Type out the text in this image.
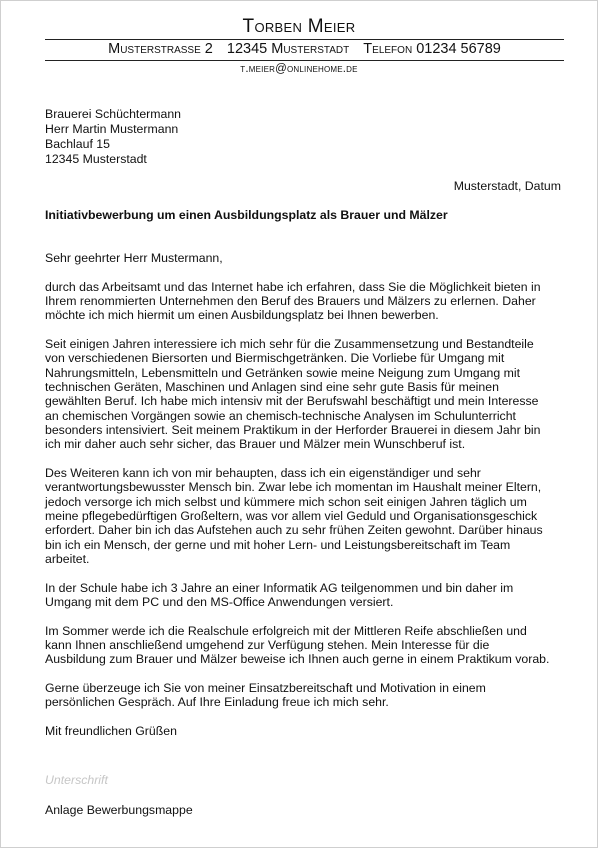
Torben Meier
Musterstrasse 2 12345 Musterstadt Telefon 01234 56789
t.meier@onlinehome.de
Brauerei Schüchtermann
Herr Martin Mustermann
Bachlauf 15
12345 Musterstadt
Musterstadt, Datum
Initiativbewerbung um einen Ausbildungsplatz als Brauer und Mälzer

Sehr geehrter Herr Mustermann,

durch das Arbeitsamt und das Internet habe ich erfahren, dass Sie die Möglichkeit bieten in
Ihrem renommierten Unternehmen den Beruf des Brauers und Mälzers zu erlernen. Daher
möchte ich mich hiermit um einen Ausbildungsplatz bei Ihnen bewerben.

Seit einigen Jahren interessiere ich mich sehr für die Zusammensetzung und Bestandteile
von verschiedenen Biersorten und Biermischgetränken. Die Vorliebe für Umgang mit
Nahrungsmitteln, Lebensmitteln und Getränken sowie meine Neigung zum Umgang mit
technischen Geräten, Maschinen und Anlagen sind eine sehr gute Basis für meinen
gewählten Beruf. Ich habe mich intensiv mit der Berufswahl beschäftigt und mein Interesse
an chemischen Vorgängen sowie an chemisch-technische Analysen im Schulunterricht
besonders intensiviert. Seit meinem Praktikum in der Herforder Brauerei in diesem Jahr bin
ich mir daher auch sehr sicher, das Brauer und Mälzer mein Wunschberuf ist.

Des Weiteren kann ich von mir behaupten, dass ich ein eigenständiger und sehr
verantwortungsbewusster Mensch bin. Zwar lebe ich momentan im Haushalt meiner Eltern,
jedoch versorge ich mich selbst und kümmere mich schon seit einigen Jahren täglich um
meine pflegebedürftigen Großeltern, was vor allem viel Geduld und Organisationsgeschick
erfordert. Daher bin ich das Aufstehen auch zu sehr frühen Zeiten gewohnt. Darüber hinaus
bin ich ein Mensch, der gerne und mit hoher Lern- und Leistungsbereitschaft im Team
arbeitet.

In der Schule habe ich 3 Jahre an einer Informatik AG teilgenommen und bin daher im
Umgang mit dem PC und den MS-Office Anwendungen versiert.

Im Sommer werde ich die Realschule erfolgreich mit der Mittleren Reife abschließen und
kann Ihnen anschließend umgehend zur Verfügung stehen. Mein Interesse für die
Ausbildung zum Brauer und Mälzer beweise ich Ihnen auch gerne in einem Praktikum vorab.

Gerne überzeuge ich Sie von meiner Einsatzbereitschaft und Motivation in einem
persönlichen Gespräch. Auf Ihre Einladung freue ich mich sehr.

Mit freundlichen Grüßen

Unterschrift
Anlage Bewerbungsmappe
